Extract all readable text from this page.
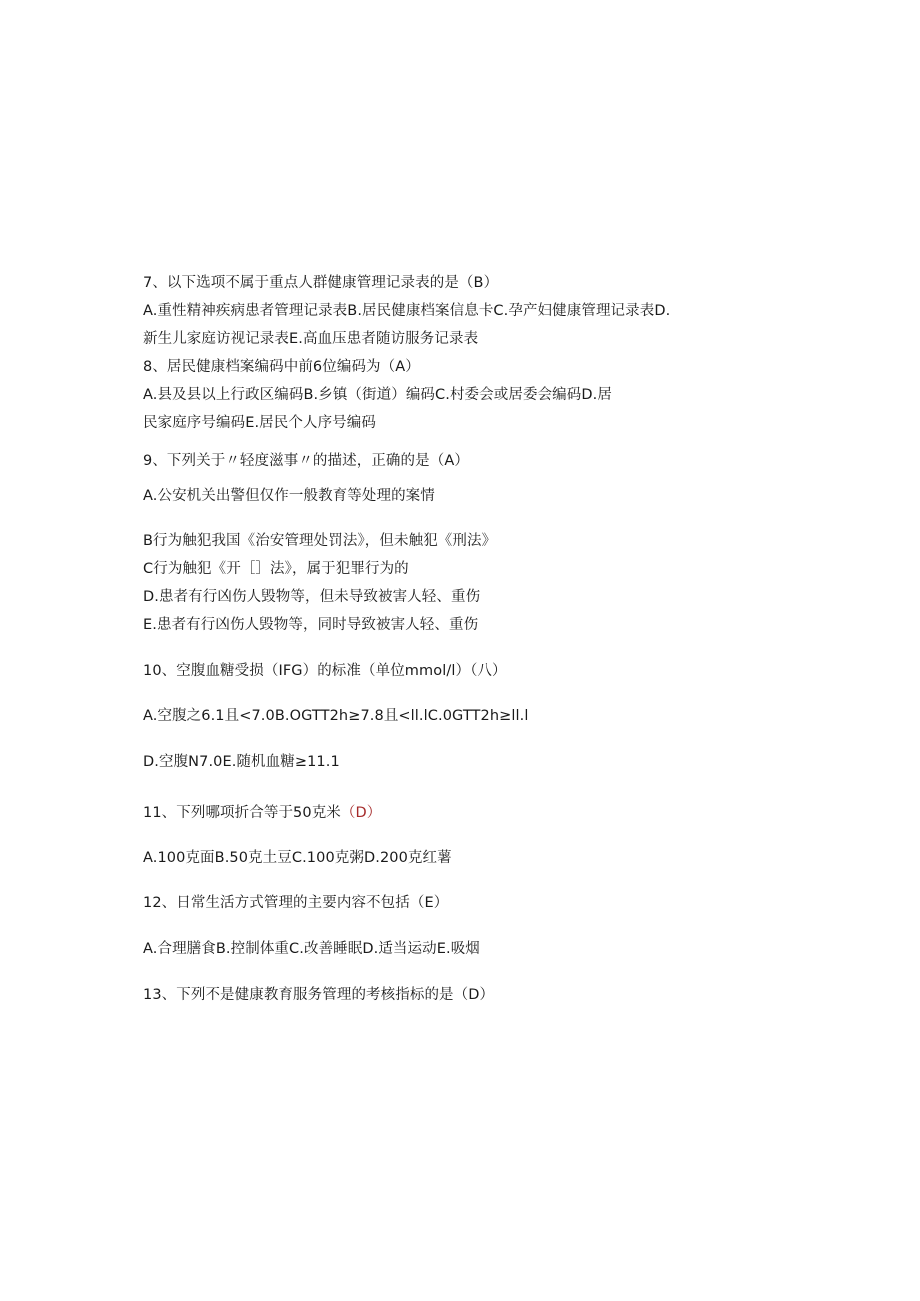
7、以下选项不属于重点人群健康管理记录表的是（B）
A.重性精神疾病患者管理记录表B.居民健康档案信息卡C.孕产妇健康管理记录表D.
新生儿家庭访视记录表E.高血压患者随访服务记录表
8、居民健康档案编码中前6位编码为（A）
A.县及县以上行政区编码B.乡镇（街道）编码C.村委会或居委会编码D.居
民家庭序号编码E.居民个人序号编码
9、下列关于〃轻度滋事〃的描述，正确的是（A）
A.公安机关出警但仅作一般教育等处理的案情
B行为触犯我国《治安管理处罚法》，但未触犯《刑法》
C行为触犯《开［］法》，属于犯罪行为的
D.患者有行凶伤人毁物等，但未导致被害人轻、重伤
E.患者有行凶伤人毁物等，同时导致被害人轻、重伤
10、空腹血糖受损（IFG）的标准（单位mmol/l）（八）
A.空腹之6.1且<7.0B.OGTT2h≥7.8且<ll.lC.0GTT2h≥ll.l
D.空腹N7.0E.随机血糖≥11.1
11、下列哪项折合等于50克米（D）
A.100克面B.50克土豆C.100克粥D.200克红薯
12、日常生活方式管理的主要内容不包括（E）
A.合理膳食B.控制体重C.改善睡眠D.适当运动E.吸烟
13、下列不是健康教育服务管理的考核指标的是（D）
